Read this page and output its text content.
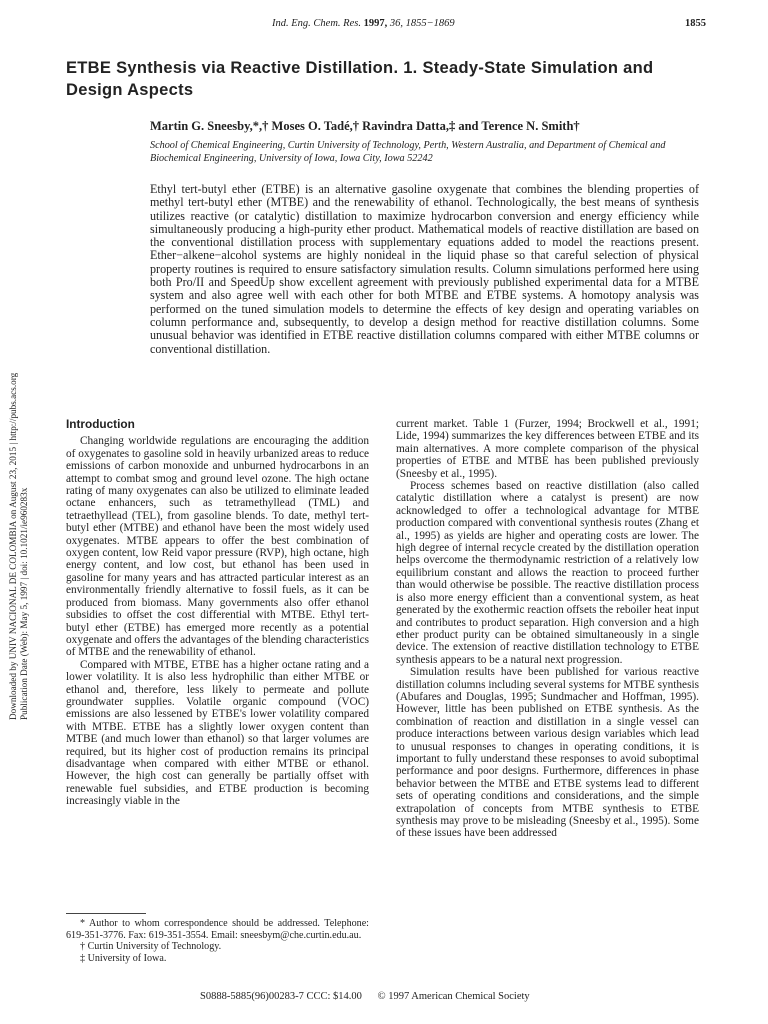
Ind. Eng. Chem. Res. 1997, 36, 1855−1869	1855
ETBE Synthesis via Reactive Distillation. 1. Steady-State Simulation and Design Aspects
Martin G. Sneesby,*,† Moses O. Tadé,† Ravindra Datta,‡ and Terence N. Smith†
School of Chemical Engineering, Curtin University of Technology, Perth, Western Australia, and Department of Chemical and Biochemical Engineering, University of Iowa, Iowa City, Iowa 52242

Ethyl tert-butyl ether (ETBE) is an alternative gasoline oxygenate that combines the blending properties of methyl tert-butyl ether (MTBE) and the renewability of ethanol. Technologically, the best means of synthesis utilizes reactive (or catalytic) distillation to maximize hydrocarbon conversion and energy efficiency while simultaneously producing a high-purity ether product. Mathematical models of reactive distillation are based on the conventional distillation process with supplementary equations added to model the reactions present. Ether−alkene−alcohol systems are highly nonideal in the liquid phase so that careful selection of physical property routines is required to ensure satisfactory simulation results. Column simulations performed here using both Pro/II and SpeedUp show excellent agreement with previously published experimental data for a MTBE system and also agree well with each other for both MTBE and ETBE systems. A homotopy analysis was performed on the tuned simulation models to determine the effects of key design and operating variables on column performance and, subsequently, to develop a design method for reactive distillation columns. Some unusual behavior was identified in ETBE reactive distillation columns compared with either MTBE columns or conventional distillation.

Downloaded by UNIV NACIONAL DE COLOMBIA on August 23, 2015 | http://pubs.acs.org Publication Date (Web): May 5, 1997 | doi: 10.1021/ie960283x
Introduction

Changing worldwide regulations are encouraging the addition of oxygenates to gasoline sold in heavily urbanized areas to reduce emissions of carbon monoxide and unburned hydrocarbons in an attempt to combat smog and ground level ozone. The high octane rating of many oxygenates can also be utilized to eliminate leaded octane enhancers, such as tetramethyllead (TML) and tetraethyllead (TEL), from gasoline blends. To date, methyl tert-butyl ether (MTBE) and ethanol have been the most widely used oxygenates. MTBE appears to offer the best combination of oxygen content, low Reid vapor pressure (RVP), high octane, high energy content, and low cost, but ethanol has been used in gasoline for many years and has attracted particular interest as an environmentally friendly alternative to fossil fuels, as it can be produced from biomass. Many governments also offer ethanol subsidies to offset the cost differential with MTBE. Ethyl tert-butyl ether (ETBE) has emerged more recently as a potential oxygenate and offers the advantages of the blending characteristics of MTBE and the renewability of ethanol.

Compared with MTBE, ETBE has a higher octane rating and a lower volatility. It is also less hydrophilic than either MTBE or ethanol and, therefore, less likely to permeate and pollute groundwater supplies. Volatile organic compound (VOC) emissions are also lessened by ETBE's lower volatility compared with MTBE. ETBE has a slightly lower oxygen content than MTBE (and much lower than ethanol) so that larger volumes are required, but its higher cost of production remains its principal disadvantage when compared with either MTBE or ethanol. However, the high cost can generally be partially offset with renewable fuel subsidies, and ETBE production is becoming increasingly viable in the

current market. Table 1 (Furzer, 1994; Brockwell et al., 1991; Lide, 1994) summarizes the key differences between ETBE and its main alternatives. A more complete comparison of the physical properties of ETBE and MTBE has been published previously (Sneesby et al., 1995).

Process schemes based on reactive distillation (also called catalytic distillation where a catalyst is present) are now acknowledged to offer a technological advantage for MTBE production compared with conventional synthesis routes (Zhang et al., 1995) as yields are higher and operating costs are lower. The high degree of internal recycle created by the distillation operation helps overcome the thermodynamic restriction of a relatively low equilibrium constant and allows the reaction to proceed further than would otherwise be possible. The reactive distillation process is also more energy efficient than a conventional system, as heat generated by the exothermic reaction offsets the reboiler heat input and contributes to product separation. High conversion and a high ether product purity can be obtained simultaneously in a single device. The extension of reactive distillation technology to ETBE synthesis appears to be a natural next progression.

Simulation results have been published for various reactive distillation columns including several systems for MTBE synthesis (Abufares and Douglas, 1995; Sundmacher and Hoffman, 1995). However, little has been published on ETBE synthesis. As the combination of reaction and distillation in a single vessel can produce interactions between various design variables which lead to unusual responses to changes in operating conditions, it is important to fully understand these responses to avoid suboptimal performance and poor designs. Furthermore, differences in phase behavior between the MTBE and ETBE systems lead to different sets of operating conditions and considerations, and the simple extrapolation of concepts from MTBE synthesis to ETBE synthesis may prove to be misleading (Sneesby et al., 1995). Some of these issues have been addressed

* Author to whom correspondence should be addressed. Telephone: 619-351-3776. Fax: 619-351-3554. Email: sneesbym@che.curtin.edu.au.

† Curtin University of Technology.

‡ University of Iowa.

S0888-5885(96)00283-7 CCC: $14.00 © 1997 American Chemical Society
